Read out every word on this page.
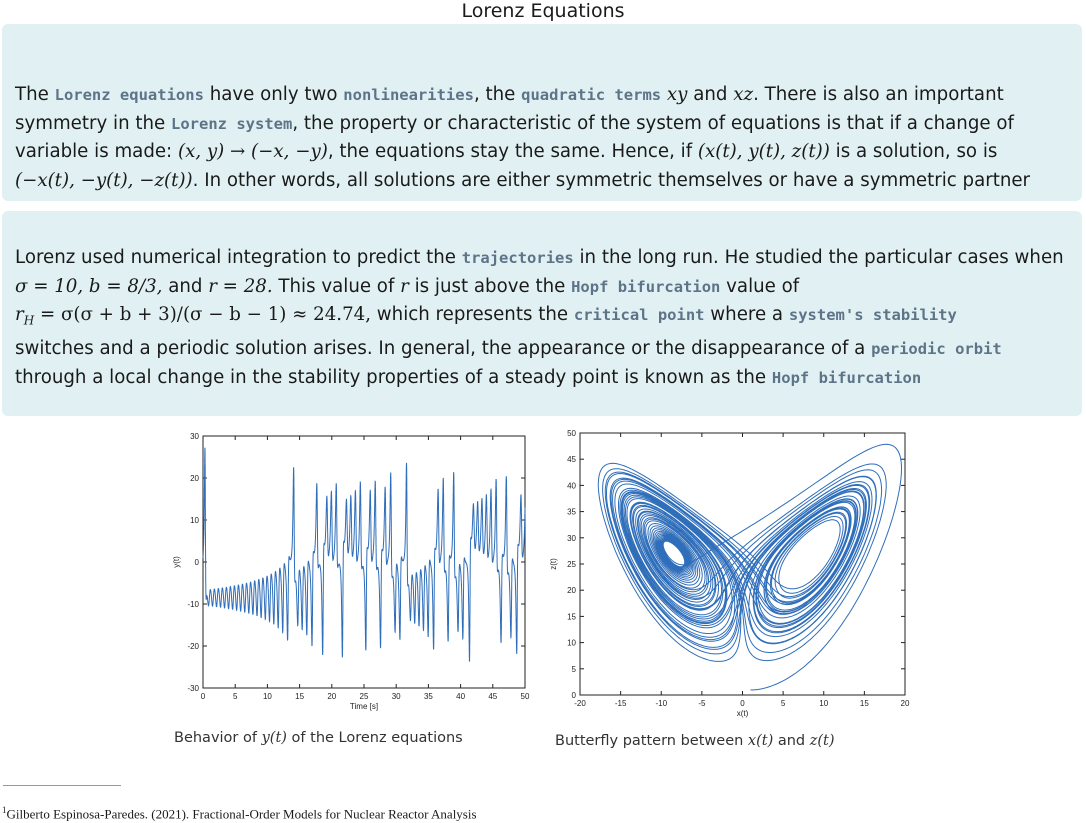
Lorenz Equations

The Lorenz equations have only two nonlinearities, the quadratic terms xy and xz. There is also an important

symmetry in the Lorenz system, the property or characteristic of the system of equations is that if a change of

variable is made: (x, y) → (−x, −y), the equations stay the same. Hence, if (x(t), y(t), z(t)) is a solution, so is

(−x(t), −y(t), −z(t)). In other words, all solutions are either symmetric themselves or have a symmetric partner

Lorenz used numerical integration to predict the trajectories in the long run. He studied the particular cases when

σ = 10, b = 8/3, and r = 28. This value of r is just above the Hopf bifurcation value of

$r_H = \sigma(\sigma + b + 3)/(\sigma - b - 1) \approx 24.74$, which represents the critical point where a system's stability

switches and a periodic solution arises. In general, the appearance or the disappearance of a periodic orbit

through a local change in the stability properties of a steady point is known as the Hopf bifurcation

0	5	10	15	20	25	30	35	40	45	50
-30
-20
-10
0
10
20
30
Time [s]
y(t)
-20	-15	-10	-5	0	5	10	15	20
0
5
10
15
20
25
30
35
40
45
50
x(t)
z(t)
Behavior of y(t) of the Lorenz equations	Butterfly pattern between x(t) and z(t)
$^1$Gilberto Espinosa-Paredes. (2021). Fractional-Order Models for Nuclear Reactor Analysis
